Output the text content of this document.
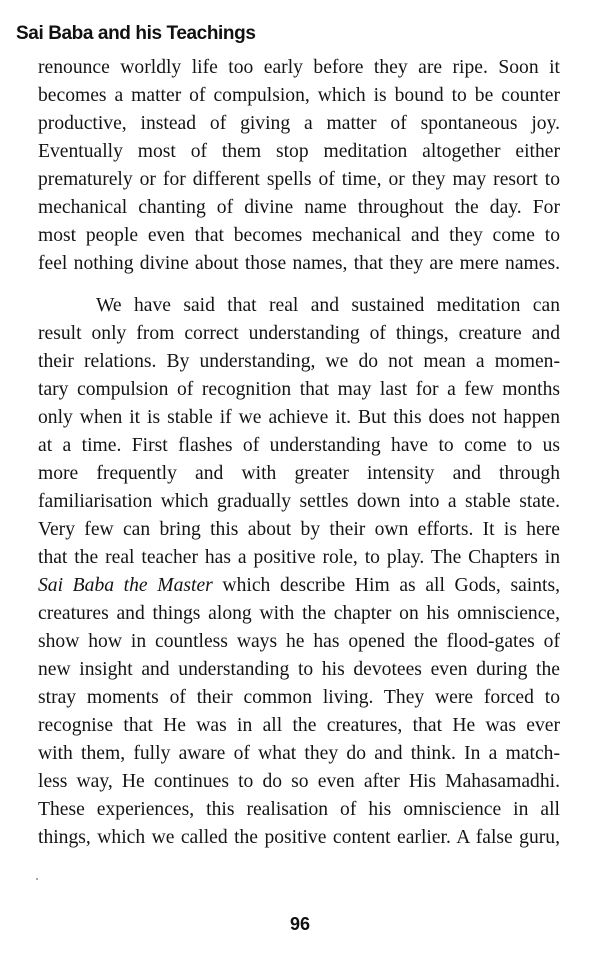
Sai Baba and his Teachings
renounce worldly life too early before they are ripe. Soon it
becomes a matter of compulsion, which is bound to be counter
productive, instead of giving a matter of spontaneous joy.
Eventually most of them stop meditation altogether either
prematurely or for different spells of time, or they may resort to
mechanical chanting of divine name throughout the day. For
most people even that becomes mechanical and they come to
feel nothing divine about those names, that they are mere names.
We have said that real and sustained meditation can
result only from correct understanding of things, creature and
their relations. By understanding, we do not mean a momen-
tary compulsion of recognition that may last for a few months
only when it is stable if we achieve it. But this does not happen
at a time. First flashes of understanding have to come to us
more frequently and with greater intensity and through
familiarisation which gradually settles down into a stable state.
Very few can bring this about by their own efforts. It is here
that the real teacher has a positive role, to play. The Chapters in
Sai Baba the Master which describe Him as all Gods, saints,
creatures and things along with the chapter on his omniscience,
show how in countless ways he has opened the flood-gates of
new insight and understanding to his devotees even during the
stray moments of their common living. They were forced to
recognise that He was in all the creatures, that He was ever
with them, fully aware of what they do and think. In a match-
less way, He continues to do so even after His Mahasamadhi.
These experiences, this realisation of his omniscience in all
things, which we called the positive content earlier. A false guru,
96
